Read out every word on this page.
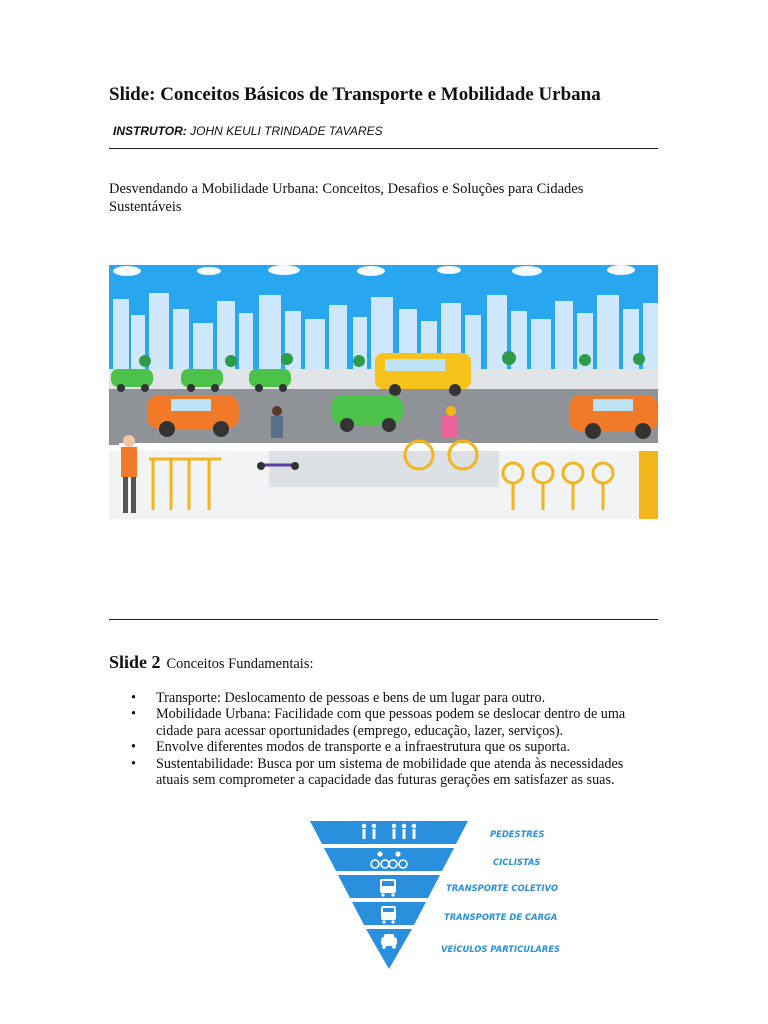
Slide: Conceitos Básicos de Transporte e Mobilidade Urbana
INSTRUTOR: JOHN KEULI TRINDADE TAVARES
Desvendando a Mobilidade Urbana: Conceitos, Desafios e Soluções para Cidades Sustentáveis
Slide 2 Conceitos Fundamentais:
• Transporte: Deslocamento de pessoas e bens de um lugar para outro.
• Mobilidade Urbana: Facilidade com que pessoas podem se deslocar dentro de uma cidade para acessar oportunidades (emprego, educação, lazer, serviços).
• Envolve diferentes modos de transporte e a infraestrutura que os suporta.
• Sustentabilidade: Busca por um sistema de mobilidade que atenda às necessidades atuais sem comprometer a capacidade das futuras gerações em satisfazer as suas.
PEDESTRES
CICLISTAS
TRANSPORTE COLETIVO
TRANSPORTE DE CARGA
VEÍCULOS PARTICULARES
